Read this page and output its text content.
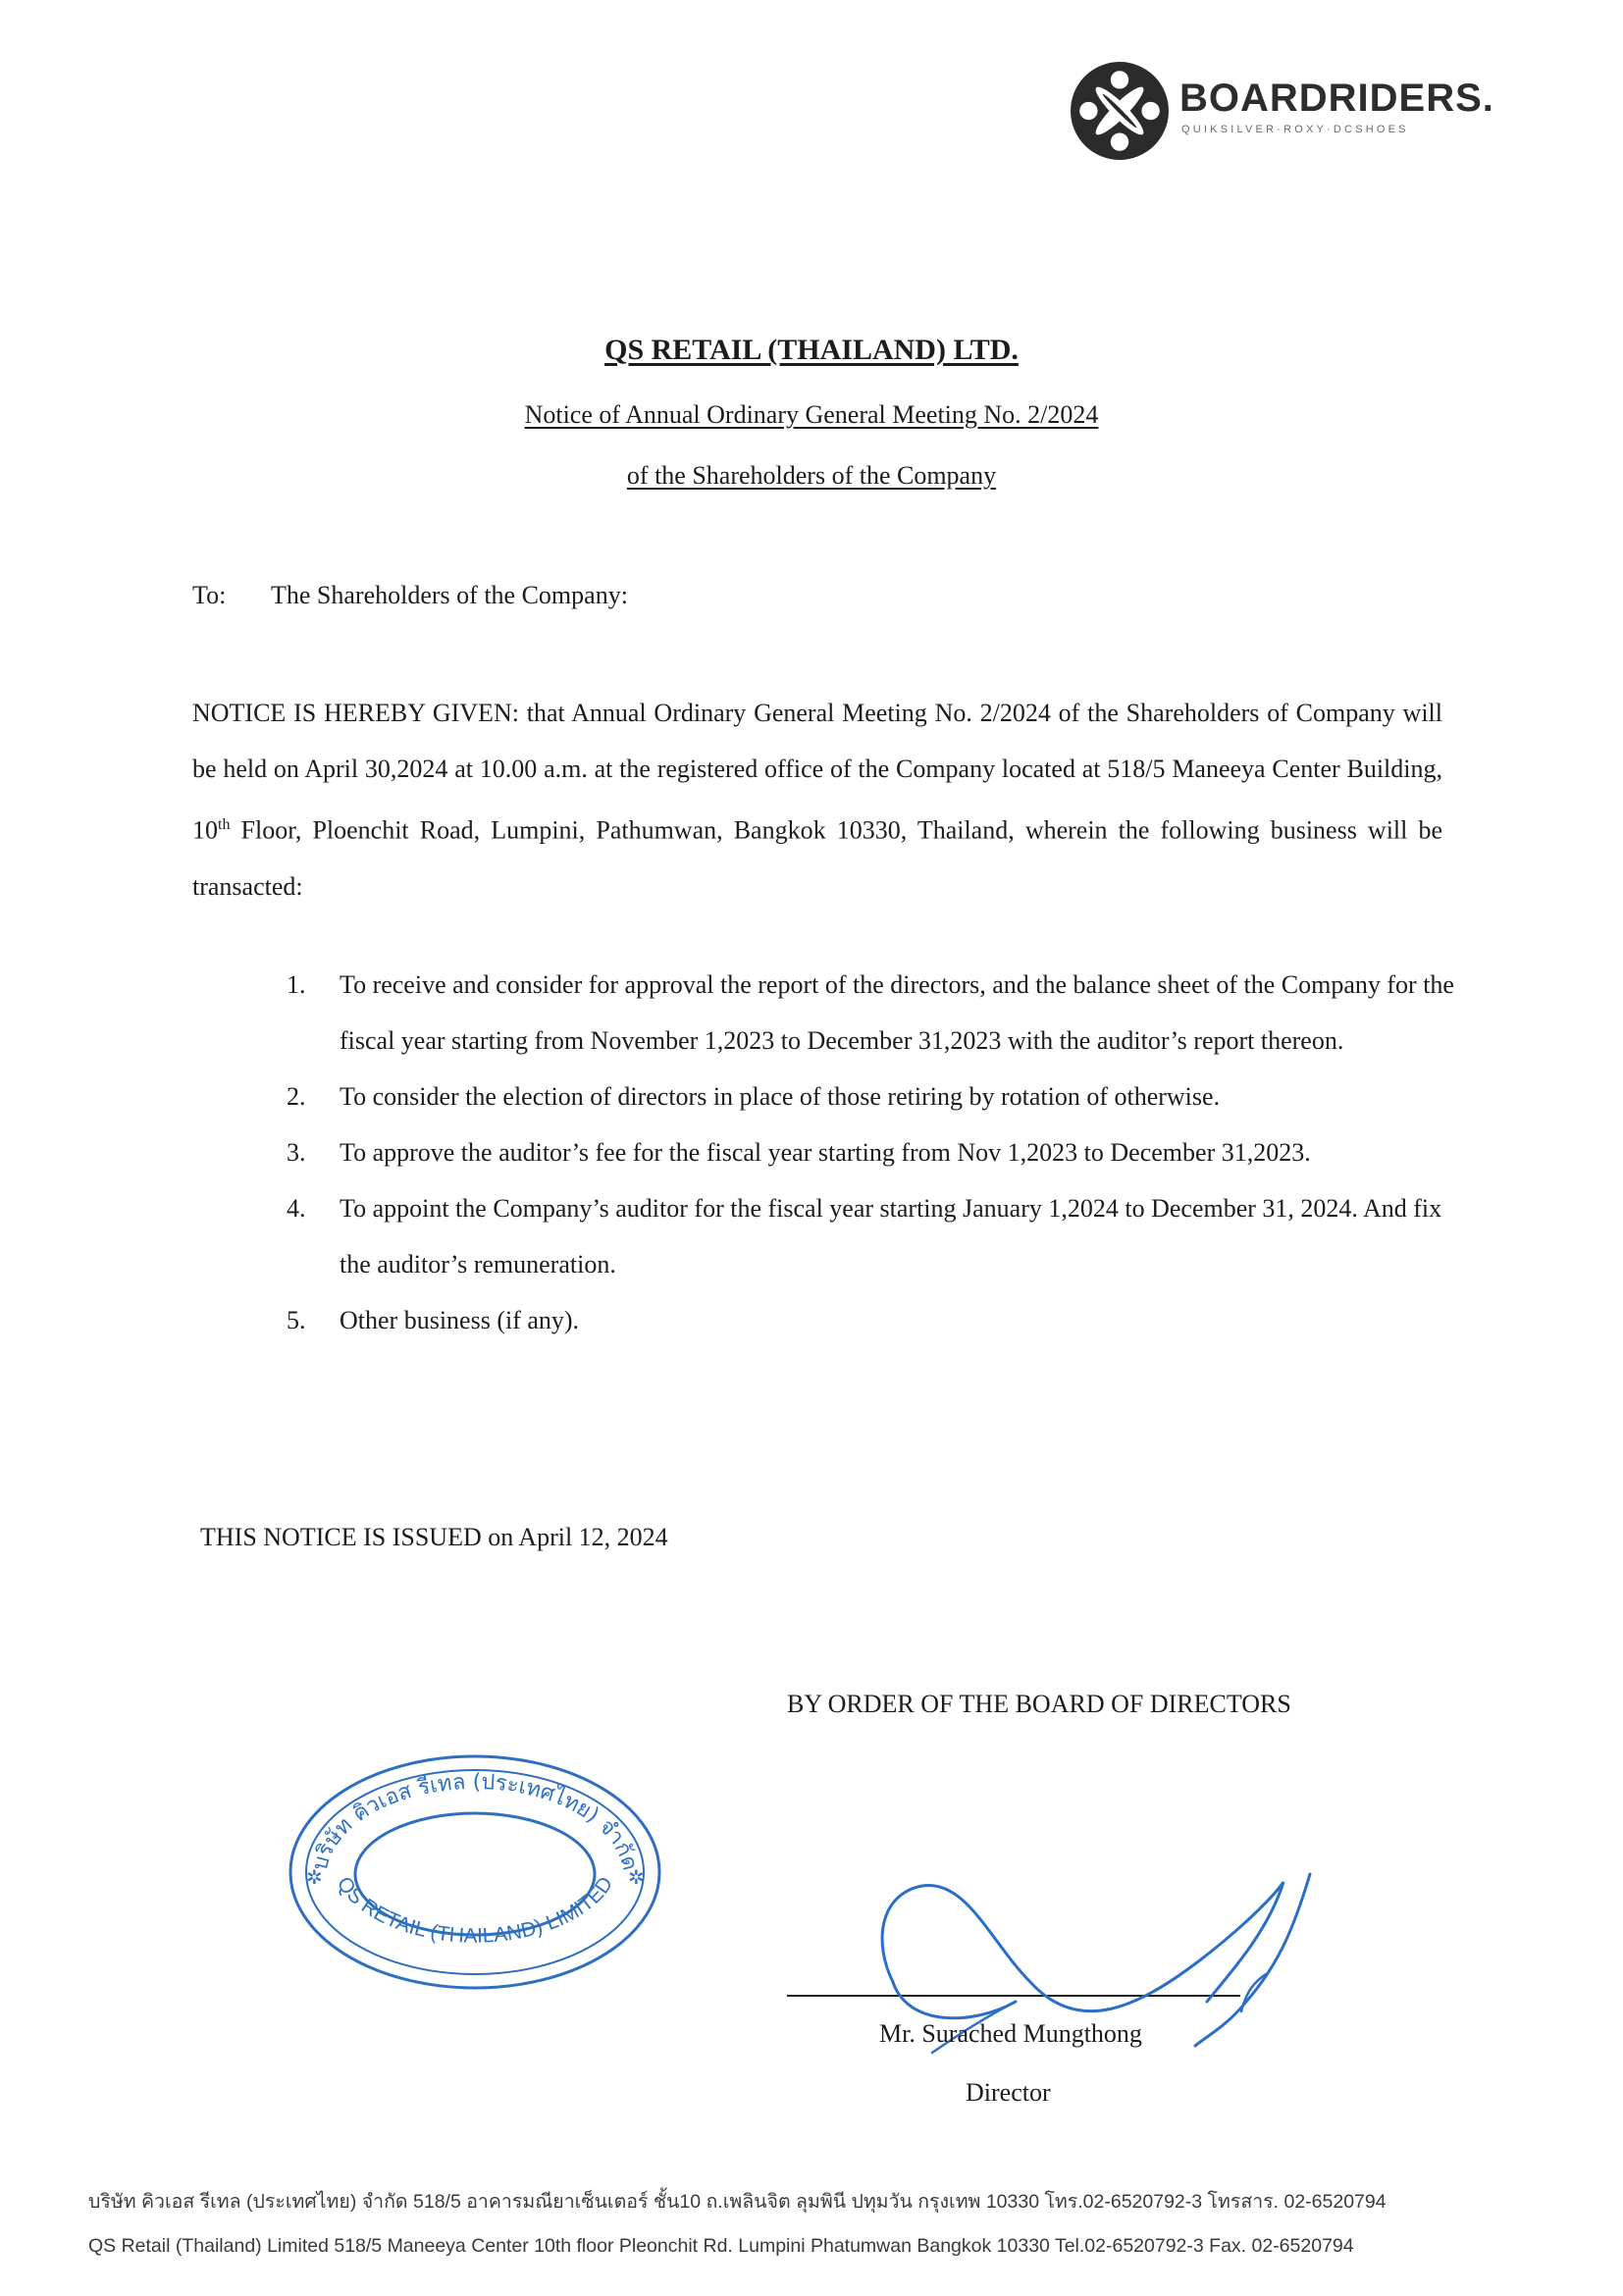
BOARDRIDERS.
QUIKSILVER·ROXY·DCSHOES
QS RETAIL (THAILAND) LTD.
Notice of Annual Ordinary General Meeting No. 2/2024
of the Shareholders of the Company
To: The Shareholders of the Company:
NOTICE IS HEREBY GIVEN: that Annual Ordinary General Meeting No. 2/2024 of the Shareholders of Company will be held on April 30,2024 at 10.00 a.m. at the registered office of the Company located at 518/5 Maneeya Center Building, 10th Floor, Ploenchit Road, Lumpini, Pathumwan, Bangkok 10330, Thailand, wherein the following business will be transacted:
1. To receive and consider for approval the report of the directors, and the balance sheet of the Company for the fiscal year starting from November 1,2023 to December 31,2023 with the auditor’s report thereon.
2. To consider the election of directors in place of those retiring by rotation of otherwise.
3. To approve the auditor’s fee for the fiscal year starting from Nov 1,2023 to December 31,2023.
4. To appoint the Company’s auditor for the fiscal year starting January 1,2024 to December 31, 2024. And fix the auditor’s remuneration.
5. Other business (if any).
THIS NOTICE IS ISSUED on April 12, 2024
BY ORDER OF THE BOARD OF DIRECTORS
บริษัท คิวเอส รีเทล (ประเทศไทย) จำกัด
QS RETAIL (THAILAND) LIMITED
✲	✲
Mr. Surached Mungthong
Director
บริษัท คิวเอส รีเทล (ประเทศไทย) จำกัด 518/5 อาคารมณียาเซ็นเตอร์ ชั้น10 ถ.เพลินจิต ลุมพินี ปทุมวัน กรุงเทพ 10330 โทร.02-6520792-3 โทรสาร. 02-6520794
QS Retail (Thailand) Limited 518/5 Maneeya Center 10th floor Pleonchit Rd. Lumpini Phatumwan Bangkok 10330 Tel.02-6520792-3 Fax. 02-6520794
